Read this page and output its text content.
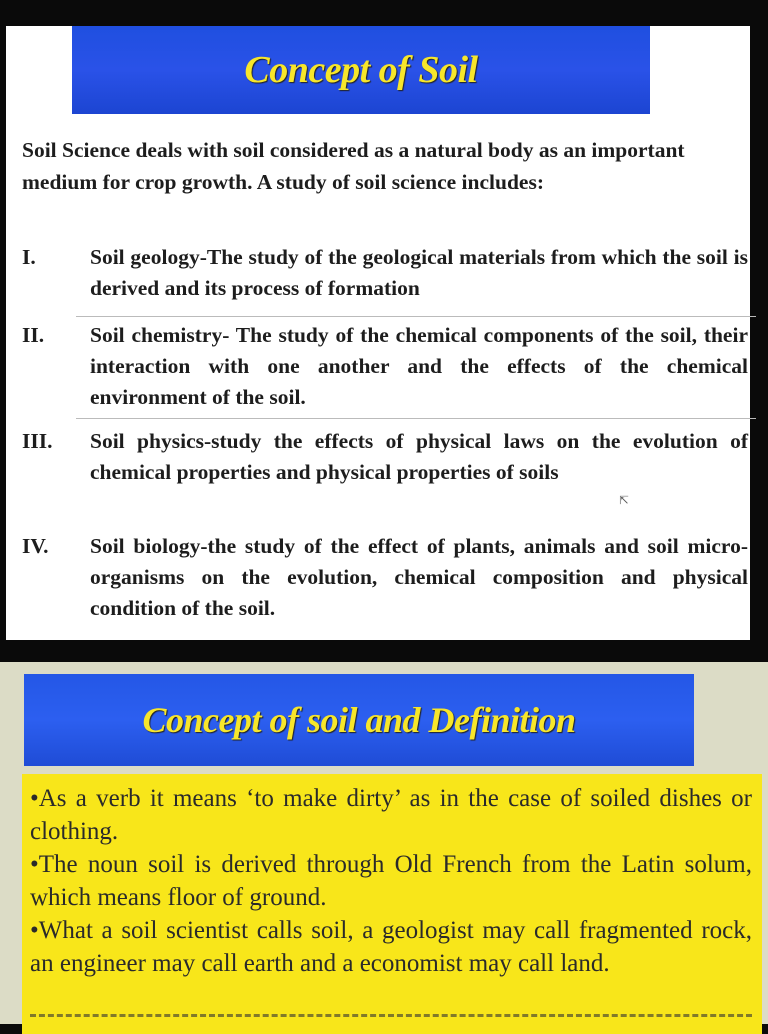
Concept of Soil

Soil Science deals with soil considered as a natural body as an important medium for crop growth. A study of soil science includes:

I.	Soil geology-The study of the geological materials from which the soil is derived and its process of formation
II. Soil chemistry- The study of the chemical components of the soil, their interaction with one another and the effects of the chemical environment of the soil.
III. Soil physics-study the effects of physical laws on the evolution of chemical properties and physical properties of soils
⇱
IV. Soil biology-the study of the effect of plants, animals and soil micro-organisms on the evolution, chemical composition and physical condition of the soil.
Concept of soil and Definition
•As a verb it means ‘to make dirty’ as in the case of soiled dishes or clothing.
•The noun soil is derived through Old French from the Latin solum, which means floor of ground.
•What a soil scientist calls soil, a geologist may call fragmented rock, an engineer may call earth and a economist may call land.
